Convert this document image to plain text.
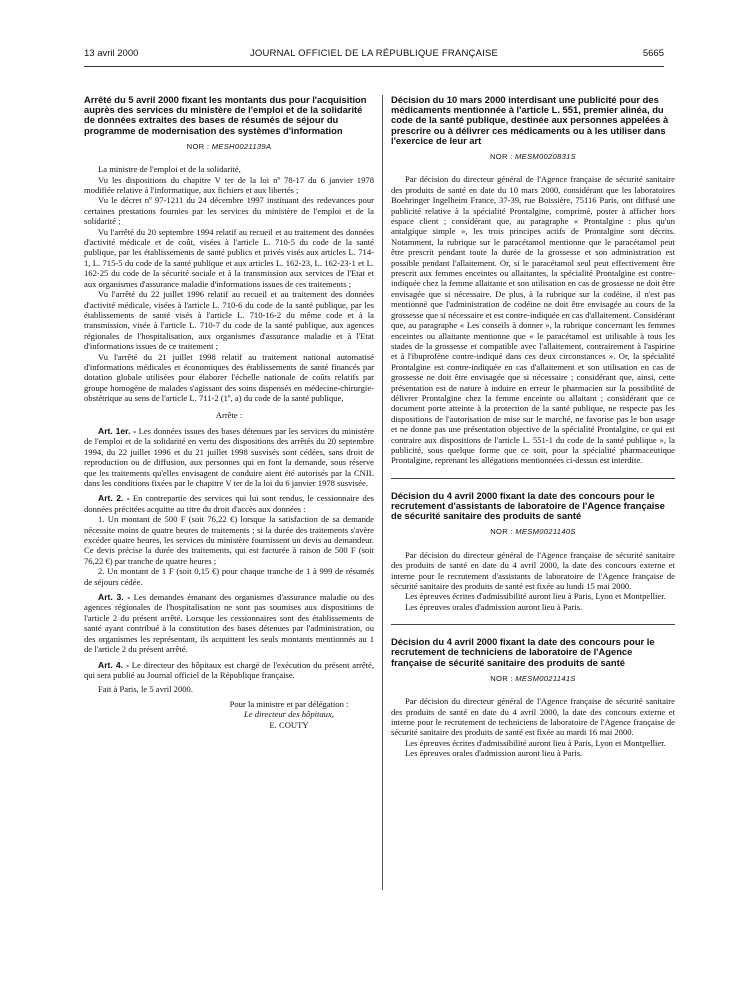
13 avril 2000	JOURNAL OFFICIEL DE LA RÉPUBLIQUE FRANÇAISE	5665
Arrêté du 5 avril 2000 fixant les montants dus pour l'acquisition auprès des services du ministère de l'emploi et de la solidarité de données extraites des bases de résumés de séjour du programme de modernisation des systèmes d'information
NOR : MESH0021139A

La ministre de l'emploi et de la solidarité,

Vu les dispositions du chapitre V ter de la loi nº 78-17 du 6 janvier 1978 modifiée relative à l'informatique, aux fichiers et aux libertés ;

Vu le décret nº 97-1211 du 24 décembre 1997 instituant des redevances pour certaines prestations fournies par les services du ministère de l'emploi et de la solidarité ;

Vu l'arrêté du 20 septembre 1994 relatif au recueil et au traitement des données d'activité médicale et de coût, visées à l'article L. 710-5 du code de la santé publique, par les établissements de santé publics et privés visés aux articles L. 714-1, L. 715-5 du code de la santé publique et aux articles L. 162-23, L. 162-23-1 et L. 162-25 du code de la sécurité sociale et à la transmission aux services de l'Etat et aux organismes d'assurance maladie d'informations issues de ces traitements ;

Vu l'arrêté du 22 juillet 1996 relatif au recueil et au traitement des données d'activité médicale, visées à l'article L. 710-6 du code de la santé publique, par les établissements de santé visés à l'article L. 710-16-2 du même code et à la transmission, visée à l'article L. 710-7 du code de la santé publique, aux agences régionales de l'hospitalisation, aux organismes d'assurance maladie et à l'Etat d'informations issues de ce traitement ;

Vu l'arrêté du 21 juillet 1998 relatif au traitement national automatisé d'informations médicales et économiques des établissements de santé financés par dotation globale utilisées pour élaborer l'échelle nationale de coûts relatifs par groupe homogène de malades s'agissant des soins dispensés en médecine-chirurgie-obstétrique au sens de l'article L. 711-2 (1º, a) du code de la santé publique,

Arrête :

Art. 1er. - Les données issues des bases détenues par les services du ministère de l'emploi et de la solidarité en vertu des dispositions des arrêtés du 20 septembre 1994, du 22 juillet 1996 et du 21 juillet 1998 susvisés sont cédées, sans droit de reproduction ou de diffusion, aux personnes qui en font la demande, sous réserve que les traitements qu'elles envisagent de conduire aient été autorisés par la CNIL dans les conditions fixées par le chapitre V ter de la loi du 6 janvier 1978 susvisée.

Art. 2. - En contrepartie des services qui lui sont rendus, le cessionnaire des données précitées acquitte au titre du droit d'accès aux données :

1. Un montant de 500 F (soit 76,22 €) lorsque la satisfaction de sa demande nécessite moins de quatre heures de traitements ; si la durée des traitements s'avère excéder quatre heures, les services du ministère fournissent un devis au demandeur. Ce devis précise la durée des traitements, qui est facturée à raison de 500 F (soit 76,22 €) par tranche de quatre heures ;

2. Un montant de 1 F (soit 0,15 €) pour chaque tranche de 1 à 999 de résumés de séjours cédée.

Art. 3. - Les demandes émanant des organismes d'assurance maladie ou des agences régionales de l'hospitalisation ne sont pas soumises aux dispositions de l'article 2 du présent arrêté. Lorsque les cessionnaires sont des établissements de santé ayant contribué à la constitution des bases détenues par l'administration, ou des organismes les représentant, ils acquittent les seuls montants mentionnés au 1 de l'article 2 du présent arrêté.

Art. 4. - Le directeur des hôpitaux est chargé de l'exécution du présent arrêté, qui sera publié au Journal officiel de la République française.

Fait à Paris, le 5 avril 2000.

Pour la ministre et par délégation :

Le directeur des hôpitaux,

E. COUTY

Décision du 10 mars 2000 interdisant une publicité pour des médicaments mentionnée à l'article L. 551, premier alinéa, du code de la santé publique, destinée aux personnes appelées à prescrire ou à délivrer ces médicaments ou à les utiliser dans l'exercice de leur art
NOR : MESM0020831S

Par décision du directeur général de l'Agence française de sécurité sanitaire des produits de santé en date du 10 mars 2000, considérant que les laboratoires Boehringer Ingelheim France, 37-39, rue Boissière, 75116 Paris, ont diffusé une publicité relative à la spécialité Prontalgine, comprimé, poster à afficher hors espace client ; considérant que, au paragraphe « Prontalgine : plus qu'un antalgique simple », les trois principes actifs de Prontalgine sont décrits. Notamment, la rubrique sur le paracétamol mentionne que le paracétamol peut être prescrit pendant toute la durée de la grossesse et son administration est possible pendant l'allaitement. Or, si le paracétamol seul peut effectivement être prescrit aux femmes enceintes ou allaitantes, la spécialité Prontalgine est contre-indiquée chez la femme allaitante et son utilisation en cas de grossesse ne doit être envisagée que si nécessaire. De plus, à la rubrique sur la codéine, il n'est pas mentionné que l'administration de codéine ne doit être envisagée au cours de la grossesse que si nécessaire et est contre-indiquée en cas d'allaitement. Considérant que, au paragraphe « Les conseils à donner », la rubrique concernant les femmes enceintes ou allaitante mentionne que « le paracétamol est utilisable à tous les stades de la grossesse et compatible avec l'allaitement, contrairement à l'aspirine et à l'ibuprofène contre-indiqué dans ces deux circonstances ». Or, la spécialité Prontalgine est contre-indiquée en cas d'allaitement et son utilisation en cas de grossesse ne doit être envisagée que si nécessaire ; considérant que, ainsi, cette présentation est de nature à induire en erreur le pharmacien sur la possibilité de délivrer Prontalgine chez la femme enceinte ou allaitant ; considérant que ce document porte atteinte à la protection de la santé publique, ne respecte pas les dispositions de l'autorisation de mise sur le marché, ne favorise pas le bon usage et ne donne pas une présentation objective de la spécialité Prontalgine, ce qui est contraire aux dispositions de l'article L. 551-1 du code de la santé publique », la publicité, sous quelque forme que ce soit, pour la spécialité pharmaceutique Prontalgine, reprenant les allégations mentionnées ci-dessus est interdite.

Décision du 4 avril 2000 fixant la date des concours pour le recrutement d'assistants de laboratoire de l'Agence française de sécurité sanitaire des produits de santé
NOR : MESM0021140S

Par décision du directeur général de l'Agence française de sécurité sanitaire des produits de santé en date du 4 avril 2000, la date des concours externe et interne pour le recrutement d'assistants de laboratoire de l'Agence française de sécurité sanitaire des produits de santé est fixée au lundi 15 mai 2000.

Les épreuves écrites d'admissibilité auront lieu à Paris, Lyon et Montpellier.

Les épreuves orales d'admission auront lieu à Paris.

Décision du 4 avril 2000 fixant la date des concours pour le recrutement de techniciens de laboratoire de l'Agence française de sécurité sanitaire des produits de santé
NOR : MESM0021141S

Par décision du directeur général de l'Agence française de sécurité sanitaire des produits de santé en date du 4 avril 2000, la date des concours externe et interne pour le recrutement de techniciens de laboratoire de l'Agence française de sécurité sanitaire des produits de santé est fixée au mardi 16 mai 2000.

Les épreuves écrites d'admissibilité auront lieu à Paris, Lyon et Montpellier.

Les épreuves orales d'admission auront lieu à Paris.
